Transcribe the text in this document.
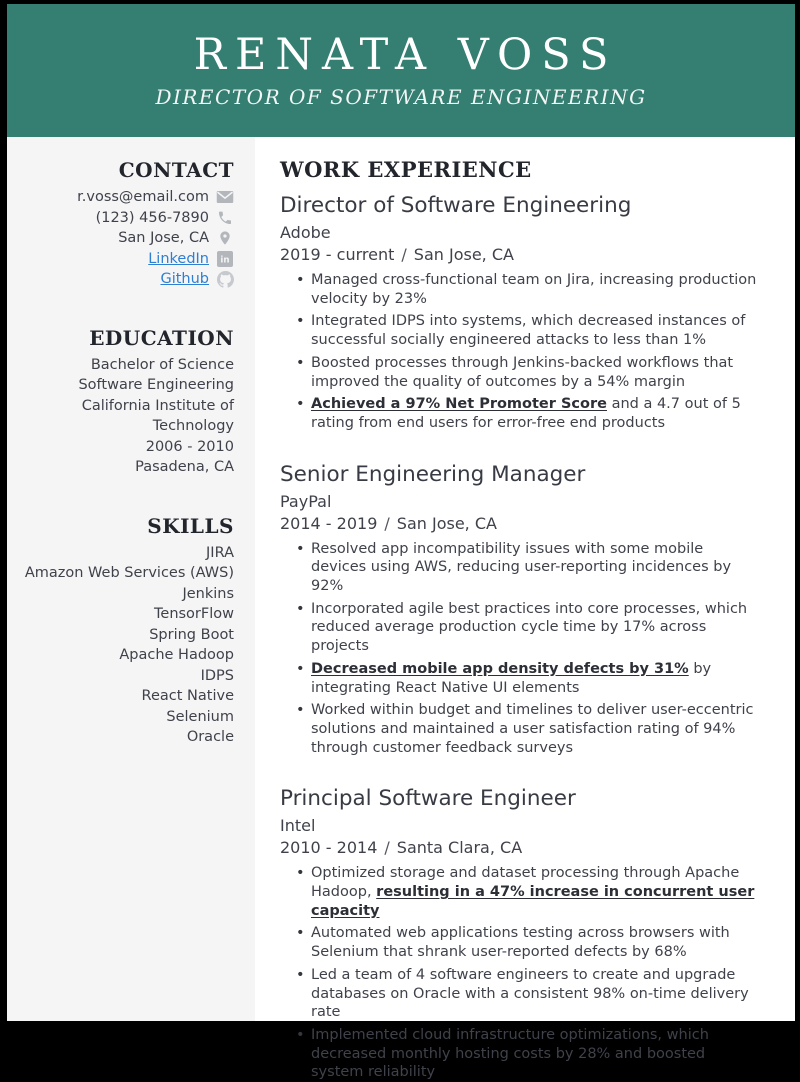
RENATA VOSS
DIRECTOR OF SOFTWARE ENGINEERING
CONTACT
r.voss@email.com
(123) 456-7890
San Jose, CA
LinkedIn in
Github
EDUCATION
Bachelor of Science
Software Engineering
California Institute of Technology
2006 - 2010
Pasadena, CA
SKILLS
JIRA
Amazon Web Services (AWS)
Jenkins
TensorFlow
Spring Boot
Apache Hadoop
IDPS
React Native
Selenium
Oracle
WORK EXPERIENCE
Director of Software Engineering
Adobe
2019 - current / San Jose, CA
• Managed cross-functional team on Jira, increasing production velocity by 23%
• Integrated IDPS into systems, which decreased instances of successful socially engineered attacks to less than 1%
• Boosted processes through Jenkins-backed workflows that improved the quality of outcomes by a 54% margin
• Achieved a 97% Net Promoter Score and a 4.7 out of 5 rating from end users for error-free end products
Senior Engineering Manager
PayPal
2014 - 2019 / San Jose, CA
• Resolved app incompatibility issues with some mobile devices using AWS, reducing user-reporting incidences by 92%
• Incorporated agile best practices into core processes, which reduced average production cycle time by 17% across projects
• Decreased mobile app density defects by 31% by integrating React Native UI elements
• Worked within budget and timelines to deliver user-eccentric solutions and maintained a user satisfaction rating of 94% through customer feedback surveys
Principal Software Engineer
Intel
2010 - 2014 / Santa Clara, CA
• Optimized storage and dataset processing through Apache Hadoop, resulting in a 47% increase in concurrent user capacity
• Automated web applications testing across browsers with Selenium that shrank user-reported defects by 68%
• Led a team of 4 software engineers to create and upgrade databases on Oracle with a consistent 98% on-time delivery rate
• Implemented cloud infrastructure optimizations, which decreased monthly hosting costs by 28% and boosted system reliability
